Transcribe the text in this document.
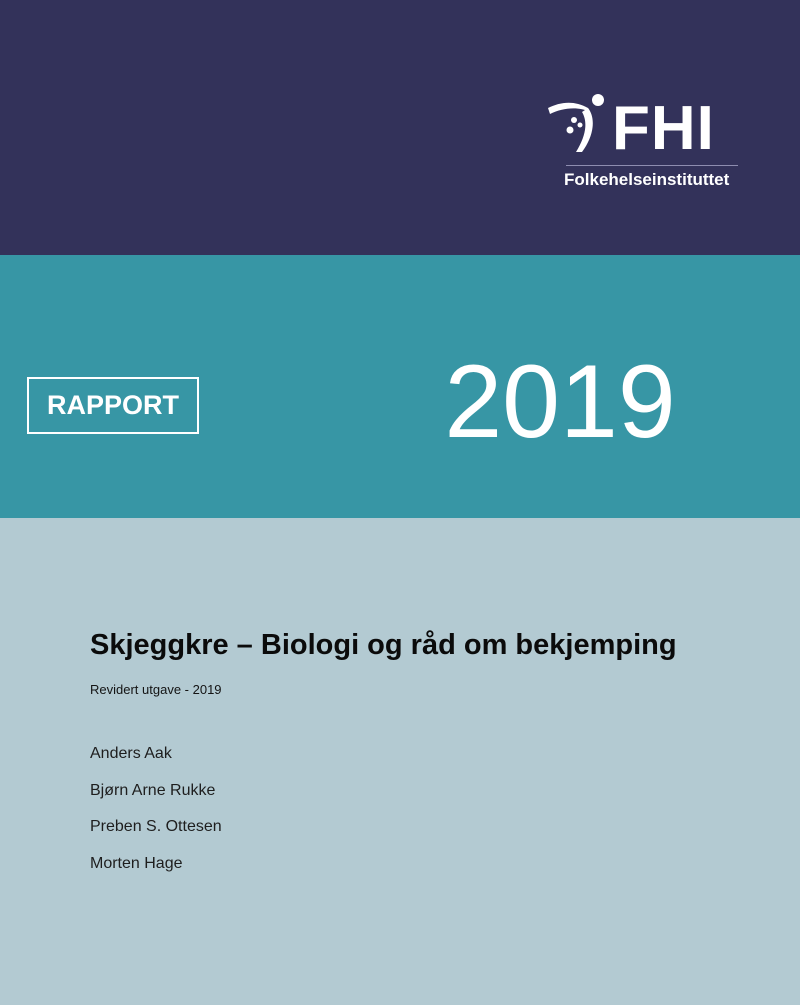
FHI
Folkehelseinstituttet
RAPPORT	2019
Skjeggkre – Biologi og råd om bekjemping
Revidert utgave - 2019
Anders Aak
Bjørn Arne Rukke
Preben S. Ottesen
Morten Hage
